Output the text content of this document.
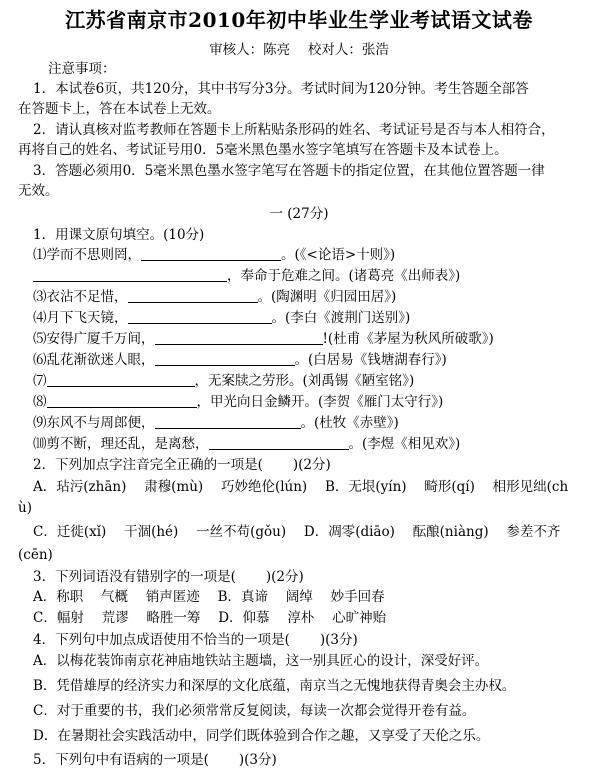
江苏省南京市2010年初中毕业生学业考试语文试卷
审核人：陈亮　 校对人：张浩
注意事项：
1．本试卷6页，共120分，其中书写分3分。考试时间为120分钟。考生答题全部答
在答题卡上，答在本试卷上无效。
2．请认真核对监考教师在答题卡上所粘贴条形码的姓名、考试证号是否与本人相符合，
再将自己的姓名、考试证号用0．5毫米黑色墨水签字笔填写在答题卡及本试卷上。
3．答题必须用0．5毫米黑色墨水签字笔写在答题卡的指定位置，在其他位置答题一律
无效。
一 (27分)
1．用课文原句填空。(10分)
⑴学而不思则罔，	。(《<论语>十则》)
，奉命于危难之间。(诸葛亮《出师表》)
⑶衣沾不足惜，	。(陶渊明《归园田居》)
⑷月下飞天镜，	。(李白《渡荆门送别》)
⑸安得广厦千万间，	!(杜甫《茅屋为秋风所破歌》)
⑹乱花渐欲迷人眼，	。(白居易《钱塘湖春行》)
⑺	，无案牍之劳形。(刘禹锡《陋室铭》)
⑻	，甲光向日金鳞开。(李贺《雁门太守行》)
⑼东风不与周郎便，	。(杜牧《赤壁》)
⑽剪不断，理还乱，是离愁，	。(李煜《相见欢》)
2．下列加点字注音完全正确的一项是( )(2分)
A．玷污(zhān)　 肃穆(mù)　 巧妙绝伦(lún)　 B．无垠(yín)　 畸形(qí)　 相形见绌(ch
ù)
C．迁徙(xǐ)　 干涸(hé)　 一丝不苟(gǒu)　 D．凋零(diāo)　 酝酿(niàng)　 参差不齐
(cēn)
3．下列词语没有错别字的一项是( )(2分)
A．称职　 气概　 销声匿迹　 B．真谛　 阔绰　 妙手回春
C．幅射　 荒谬　 略胜一筹　 D．仰慕　 淳朴　 心旷神贻
4．下列句中加点成语使用不恰当的一项是( )(3分)
A．以梅花装饰南京花神庙地铁站主题墙，这一别具匠心的设计，深受好评。
B．凭借雄厚的经济实力和深厚的文化底蕴，南京当之无愧地获得青奥会主办权。
C．对于重要的书，我们必须常常反复阅读，每读一次都会觉得开卷有益。
D．在暑期社会实践活动中，同学们既体验到合作之趣，又享受了天伦之乐。
5．下列句中有语病的一项是( )(3分)
